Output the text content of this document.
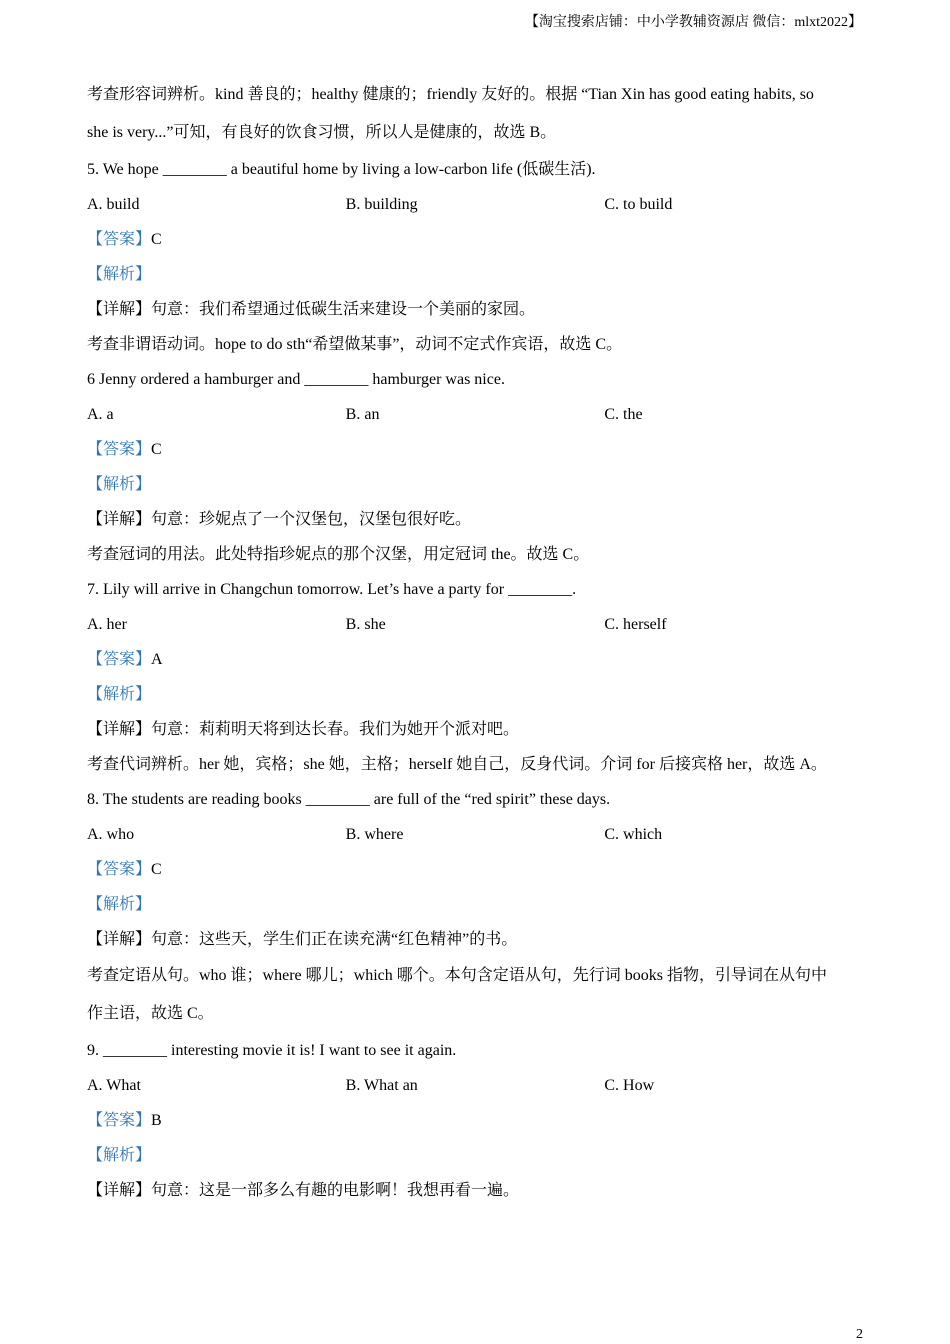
【淘宝搜索店铺：中小学教辅资源店 微信：mlxt2022】
考查形容词辨析。kind 善良的；healthy 健康的；friendly 友好的。根据 “Tian Xin has good eating habits, so
she is very...”可知，有良好的饮食习惯，所以人是健康的，故选 B。
5. We hope ________ a beautiful home by living a low-carbon life (低碳生活).
A. build	B. building	C. to build
【答案】C
【解析】
【详解】句意：我们希望通过低碳生活来建设一个美丽的家园。
考查非谓语动词。hope to do sth“希望做某事”，动词不定式作宾语，故选 C。
6 Jenny ordered a hamburger and ________ hamburger was nice.
A. a	B. an	C. the
【答案】C
【解析】
【详解】句意：珍妮点了一个汉堡包，汉堡包很好吃。
考查冠词的用法。此处特指珍妮点的那个汉堡，用定冠词 the。故选 C。
7. Lily will arrive in Changchun tomorrow. Let’s have a party for ________.
A. her	B. she	C. herself
【答案】A
【解析】
【详解】句意：莉莉明天将到达长春。我们为她开个派对吧。
考查代词辨析。her 她，宾格；she 她，主格；herself 她自己，反身代词。介词 for 后接宾格 her，故选 A。
8. The students are reading books ________ are full of the “red spirit” these days.
A. who	B. where	C. which
【答案】C
【解析】
【详解】句意：这些天，学生们正在读充满“红色精神”的书。
考查定语从句。who 谁；where 哪儿；which 哪个。本句含定语从句，先行词 books 指物，引导词在从句中
作主语，故选 C。
9. ________ interesting movie it is! I want to see it again.
A. What	B. What an	C. How
【答案】B
【解析】
【详解】句意：这是一部多么有趣的电影啊！我想再看一遍。
2
